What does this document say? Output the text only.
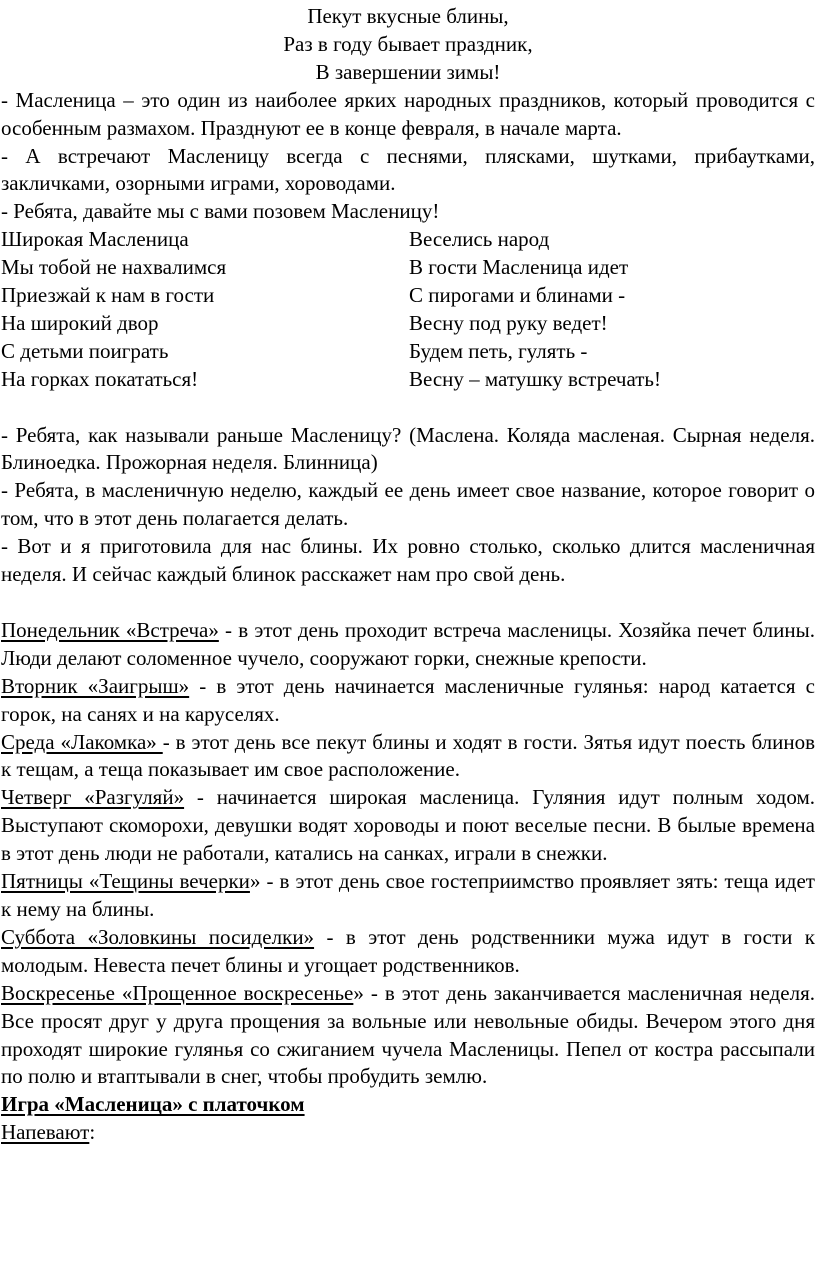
Пекут вкусные блины,
Раз в году бывает праздник,
В завершении зимы!
- Масленица – это один из наиболее ярких народных праздников, который проводится с особенным размахом. Празднуют ее в конце февраля, в начале марта.
- А встречают Масленицу всегда с песнями, плясками, шутками, прибаутками, закличками, озорными играми, хороводами.
- Ребята, давайте мы с вами позовем Масленицу!
Широкая Масленица
Мы тобой не нахвалимся
Приезжай к нам в гости
На широкий двор
С детьми поиграть
На горках покататься!
Веселись народ
В гости Масленица идет
С пирогами и блинами -
Весну под руку ведет!
Будем петь, гулять -
Весну – матушку встречать!
- Ребята, как называли раньше Масленицу? (Маслена. Коляда масленая. Сырная неделя. Блиноедка. Прожорная неделя. Блинница)
- Ребята, в масленичную неделю, каждый ее день имеет свое название, которое говорит о том, что в этот день полагается делать.
- Вот и я приготовила для нас блины. Их ровно столько, сколько длится масленичная неделя. И сейчас каждый блинок расскажет нам про свой день.
Понедельник «Встреча» - в этот день проходит встреча масленицы. Хозяйка печет блины. Люди делают соломенное чучело, сооружают горки, снежные крепости.
Вторник «Заигрыш» - в этот день начинается масленичные гулянья: народ катается с горок, на санях и на каруселях.
Среда «Лакомка» - в этот день все пекут блины и ходят в гости. Зятья идут поесть блинов к тещам, а теща показывает им свое расположение.
Четверг «Разгуляй» - начинается широкая масленица. Гуляния идут полным ходом. Выступают скоморохи, девушки водят хороводы и поют веселые песни. В былые времена в этот день люди не работали, катались на санках, играли в снежки.
Пятницы «Тещины вечерки» - в этот день свое гостеприимство проявляет зять: теща идет к нему на блины.
Суббота «Золовкины посиделки» - в этот день родственники мужа идут в гости к молодым. Невеста печет блины и угощает родственников.
Воскресенье «Прощенное воскресенье» - в этот день заканчивается масленичная неделя. Все просят друг у друга прощения за вольные или невольные обиды. Вечером этого дня проходят широкие гулянья со сжиганием чучела Масленицы. Пепел от костра рассыпали по полю и втаптывали в снег, чтобы пробудить землю.
Игра «Масленица» с платочком
Напевают:
